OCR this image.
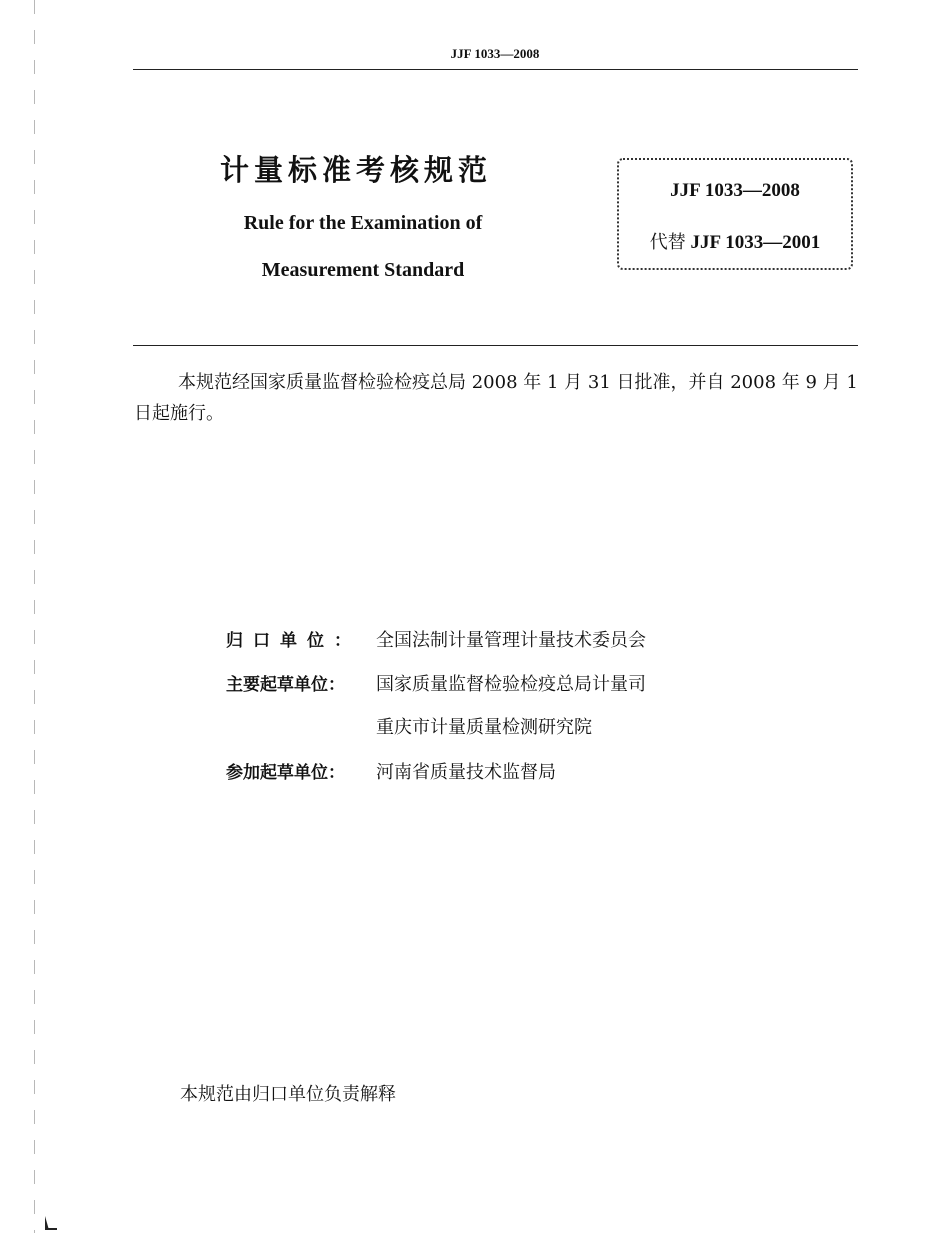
JJF 1033—2008
计量标准考核规范
Rule for the Examination of
Measurement Standard
JJF 1033—2008
代替 JJF 1033—2001
本规范经国家质量监督检验检疫总局 2008 年 1 月 31 日批准，并自 2008 年 9 月 1 日起施行。
归口单位： 全国法制计量管理计量技术委员会
主要起草单位： 国家质量监督检验检疫总局计量司
重庆市计量质量检测研究院
参加起草单位： 河南省质量技术监督局
本规范由归口单位负责解释
